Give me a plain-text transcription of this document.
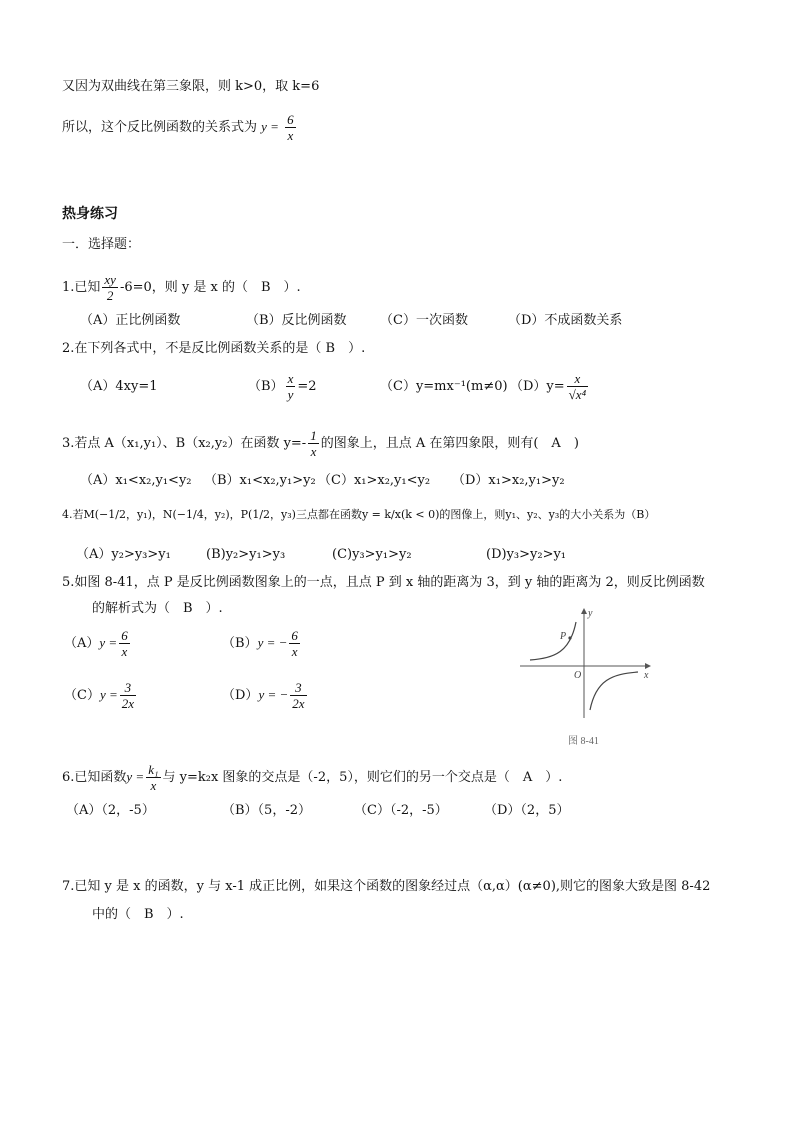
又因为双曲线在第三象限，则 k>0，取 k=6
所以，这个反比例函数的关系式为 $y = \frac{6}{x}$
热身练习
一．选择题：
1.已知 $\frac{xy}{2} -6=0$，则 y 是 x 的（　B　）.
（A）正比例函数	（B）反比例函数	（C）一次函数	（D）不成函数关系
2.在下列各式中，不是反比例函数关系的是（ B　）.
（A）4xy=1	$(B) \frac{x}{y} =2$	（C）y=mx⁻¹(m≠0) $(D)y= \frac{x}{\text{√x⁴}}$
3.若点 A（x₁,y₁）、B（x₂,y₂）在函数 $y=- \frac{1}{x}$ 的图象上，且点 A 在第四象限，则有(　A　)
（A）x₁<x₂,y₁<y₂ （B）x₁<x₂,y₁>y₂ （C）x₁>x₂,y₁<y₂ （D）x₁>x₂,y₁>y₂
4.若M(−1/2，y₁)，N(−1/4，y₂)，P(1/2，y₃)三点都在函数y = k/x(k < 0)的图像上，则y₁、y₂、y₃的大小关系为（B）
（A）y₂>y₃>y₁	(B)y₂>y₁>y₃	(C)y₃>y₁>y₂	(D)y₃>y₂>y₁
5.如图 8-41，点 P 是反比例函数图象上的一点，且点 P 到 x 轴的距离为 3，到 y 轴的距离为 2，则反比例函数
的解析式为（　B　）.
$(A)y = \frac{6}{x}$	（B）y = − $\frac{6}{x}$
$(C)y = \frac{3}{2x}$	（D）y = − $\frac{3}{2x}$
P
y
x
O
图 8-41
6.已知函数$y = \frac{\text{k₁}}{x}$ 与 y=k₂x 图象的交点是（-2，5），则它们的另一个交点是（　A　）.
（A）（2，-5）	（B）（5，-2）	（C）（-2，-5）	（D）（2，5）
7.已知 y 是 x 的函数，y 与 x-1 成正比例，如果这个函数的图象经过点（α,α）(α≠0),则它的图象大致是图 8-42
中的（　B　）.
